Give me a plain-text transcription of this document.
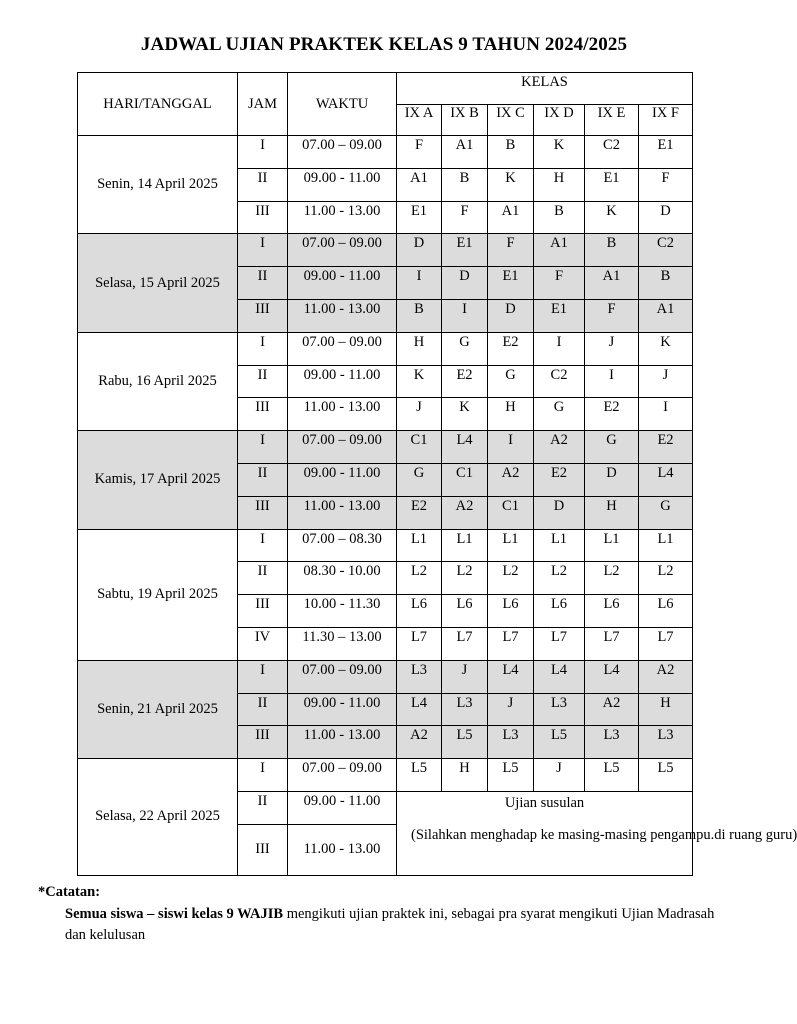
JADWAL UJIAN PRAKTEK KELAS 9 TAHUN 2024/2025
HARI/TANGGAL	JAM	WAKTU	KELAS					
			IX A	IX B	IX C	IX D	IX E	IX F
Senin, 14 April 2025	I	07.00 – 09.00	F	A1	B	K	C2	E1
	II	09.00 - 11.00	A1	B	K	H	E1	F
	III	11.00 - 13.00	E1	F	A1	B	K	D
Selasa, 15 April 2025	I	07.00 – 09.00	D	E1	F	A1	B	C2
	II	09.00 - 11.00	I	D	E1	F	A1	B
	III	11.00 - 13.00	B	I	D	E1	F	A1
Rabu, 16 April 2025	I	07.00 – 09.00	H	G	E2	I	J	K
	II	09.00 - 11.00	K	E2	G	C2	I	J
	III	11.00 - 13.00	J	K	H	G	E2	I
Kamis, 17 April 2025	I	07.00 – 09.00	C1	L4	I	A2	G	E2
	II	09.00 - 11.00	G	C1	A2	E2	D	L4
	III	11.00 - 13.00	E2	A2	C1	D	H	G
Sabtu, 19 April 2025	I	07.00 – 08.30	L1	L1	L1	L1	L1	L1
	II	08.30 - 10.00	L2	L2	L2	L2	L2	L2
	III	10.00 - 11.30	L6	L6	L6	L6	L6	L6
	IV	11.30 – 13.00	L7	L7	L7	L7	L7	L7
Senin, 21 April 2025	I	07.00 – 09.00	L3	J	L4	L4	L4	A2
	II	09.00 - 11.00	L4	L3	J	L3	A2	H
	III	11.00 - 13.00	A2	L5	L3	L5	L3	L3
Selasa, 22 April 2025	I	07.00 – 09.00	L5	H	L5	J	L5	L5
	II	09.00 - 11.00	Ujian susulan
(Silahkan menghadap ke masing-masing pengampu.di ruang guru)					

	III	11.00 - 13.00						
*Catatan:
Semua siswa – siswi kelas 9 WAJIB mengikuti ujian praktek ini, sebagai pra syarat mengikuti Ujian Madrasah dan kelulusan
